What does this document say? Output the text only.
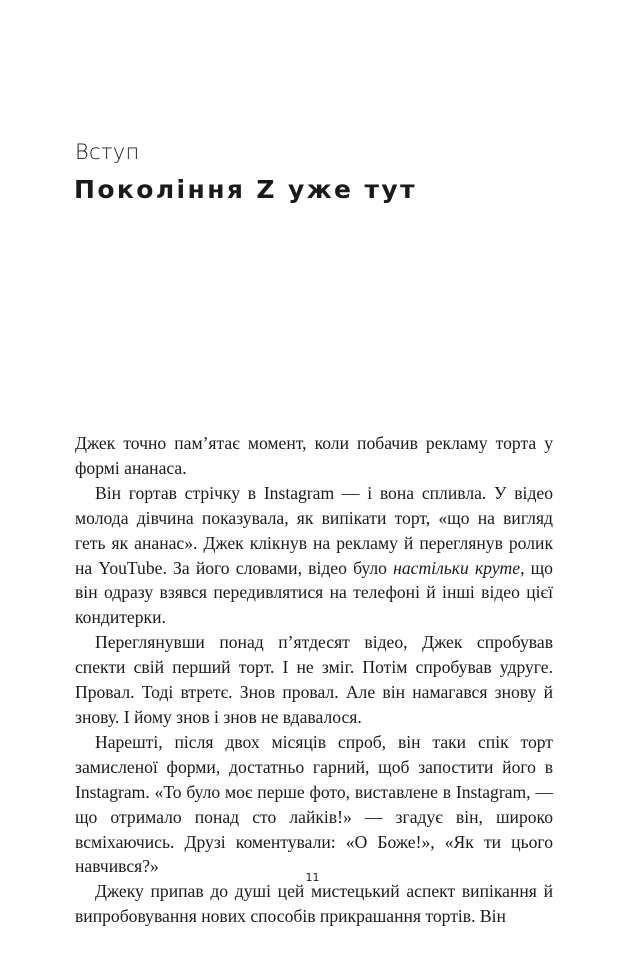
Вступ
Покоління Z уже тут

Джек точно пам’ятає момент, коли побачив рекламу торта у формі ананаса.

Він гортав стрічку в Instagram — і вона спливла. У відео молода дівчина показувала, як випікати торт, «що на вигляд геть як ананас». Джек клікнув на рекламу й переглянув ролик на YouTube. За його словами, відео було настільки круте, що він одразу взявся передивлятися на телефоні й інші відео цієї кондитерки.

Переглянувши понад п’ятдесят відео, Джек спробував спекти свій перший торт. І не зміг. Потім спробував удруге. Провал. Тоді втретє. Знов провал. Але він намагався знову й знову. І йому знов і знов не вдавалося.

Нарешті, після двох місяців спроб, він таки спік торт замисленої форми, достатньо гарний, щоб запостити його в Instagram. «То було моє перше фото, виставлене в Instagram, — що отримало понад сто лайків!» — згадує він, широко всміхаючись. Друзі коментували: «О Боже!», «Як ти цього навчився?»

Джеку припав до душі цей мистецький аспект випікання й випробовування нових способів прикрашання тортів. Він

11
